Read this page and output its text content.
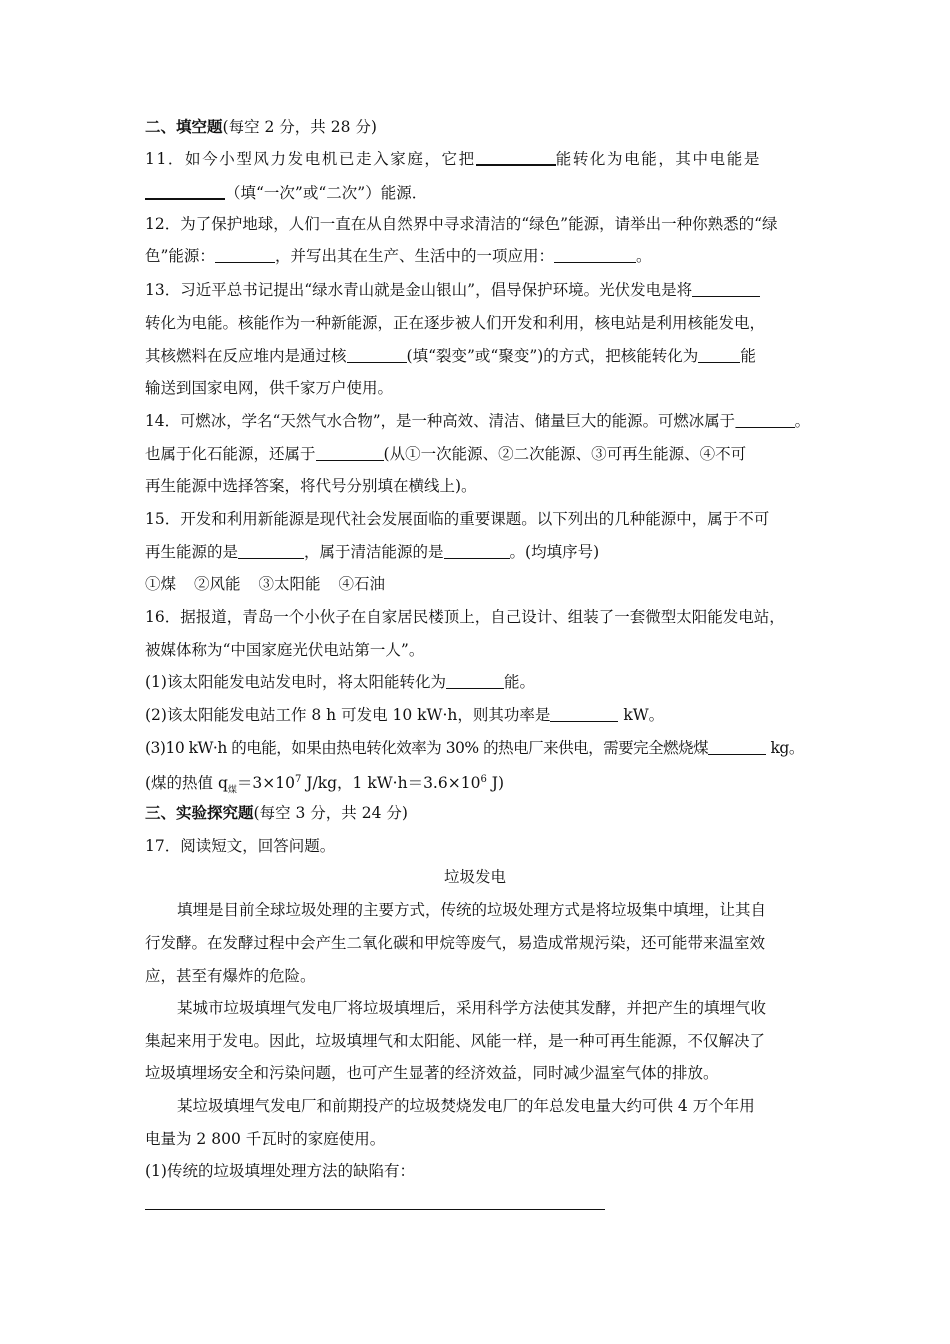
二、填空题(每空 2 分，共 28 分)
11．如今小型风力发电机已走入家庭，它把	能转化为电能，其中电能是
（填“一次”或“二次”）能源．
12．为了保护地球，人们一直在从自然界中寻求清洁的“绿色”能源，请举出一种你熟悉的“绿
色”能源：	，并写出其在生产、生活中的一项应用：	。
13．习近平总书记提出“绿水青山就是金山银山”，倡导保护环境。光伏发电是将
转化为电能。核能作为一种新能源，正在逐步被人们开发和利用，核电站是利用核能发电，
其核燃料在反应堆内是通过核	(填“裂变”或“聚变”)的方式，把核能转化为	能
输送到国家电网，供千家万户使用。
14．可燃冰，学名“天然气水合物”，是一种高效、清洁、储量巨大的能源。可燃冰属于	。
也属于化石能源，还属于	(从①一次能源、②二次能源、③可再生能源、④不可
再生能源中选择答案，将代号分别填在横线上)。
15．开发和利用新能源是现代社会发展面临的重要课题。以下列出的几种能源中，属于不可
再生能源的是	，属于清洁能源的是	。(均填序号)
①煤 ②风能 ③太阳能 ④石油
16．据报道，青岛一个小伙子在自家居民楼顶上，自己设计、组装了一套微型太阳能发电站，
被媒体称为“中国家庭光伏电站第一人”。
(1)该太阳能发电站发电时，将太阳能转化为	能。
(2)该太阳能发电站工作 8 h 可发电 10 kW·h，则其功率是	kW。
(3)10 kW·h 的电能，如果由热电转化效率为 30% 的热电厂来供电，需要完全燃烧煤	kg。
(煤的热值 $q_煤=3\times 10^7$ J/kg，1 $kW\cdot h=3.6\times 10^6$ J)
三、实验探究题(每空 3 分，共 24 分)
17．阅读短文，回答问题。
垃圾发电
填埋是目前全球垃圾处理的主要方式，传统的垃圾处理方式是将垃圾集中填埋，让其自
行发酵。在发酵过程中会产生二氧化碳和甲烷等废气，易造成常规污染，还可能带来温室效
应，甚至有爆炸的危险。
某城市垃圾填埋气发电厂将垃圾填埋后，采用科学方法使其发酵，并把产生的填埋气收
集起来用于发电。因此，垃圾填埋气和太阳能、风能一样，是一种可再生能源，不仅解决了
垃圾填埋场安全和污染问题，也可产生显著的经济效益，同时减少温室气体的排放。
某垃圾填埋气发电厂和前期投产的垃圾焚烧发电厂的年总发电量大约可供 4 万个年用
电量为 2 800 千瓦时的家庭使用。
(1)传统的垃圾填埋处理方法的缺陷有：
